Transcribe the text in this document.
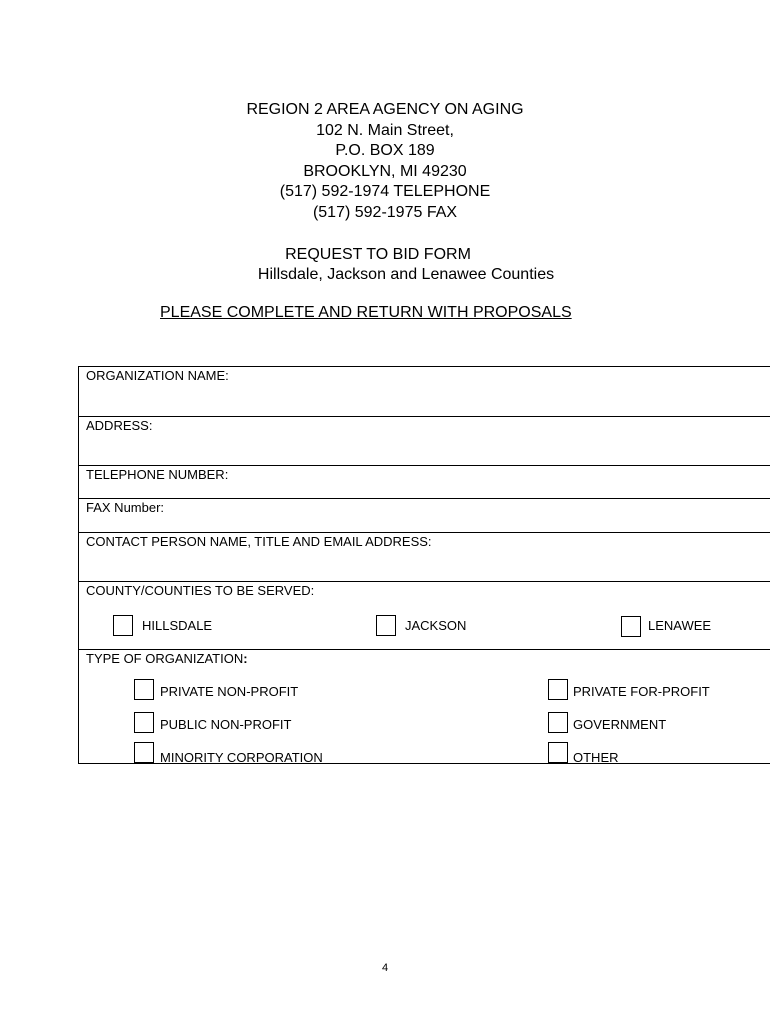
REGION 2 AREA AGENCY ON AGING
102 N. Main Street,
P.O. BOX 189
BROOKLYN, MI 49230
(517) 592-1974 TELEPHONE
(517) 592-1975 FAX
REQUEST TO BID FORM
Hillsdale, Jackson and Lenawee Counties
PLEASE COMPLETE AND RETURN WITH PROPOSALS
ORGANIZATION NAME:
ADDRESS:
TELEPHONE NUMBER:
FAX Number:
CONTACT PERSON NAME, TITLE AND EMAIL ADDRESS:
COUNTY/COUNTIES TO BE SERVED:
HILLSDALE	JACKSON	LENAWEE
TYPE OF ORGANIZATION:
PRIVATE NON-PROFIT	PRIVATE FOR-PROFIT
PUBLIC NON-PROFIT	GOVERNMENT
MINORITY CORPORATION	OTHER
4
